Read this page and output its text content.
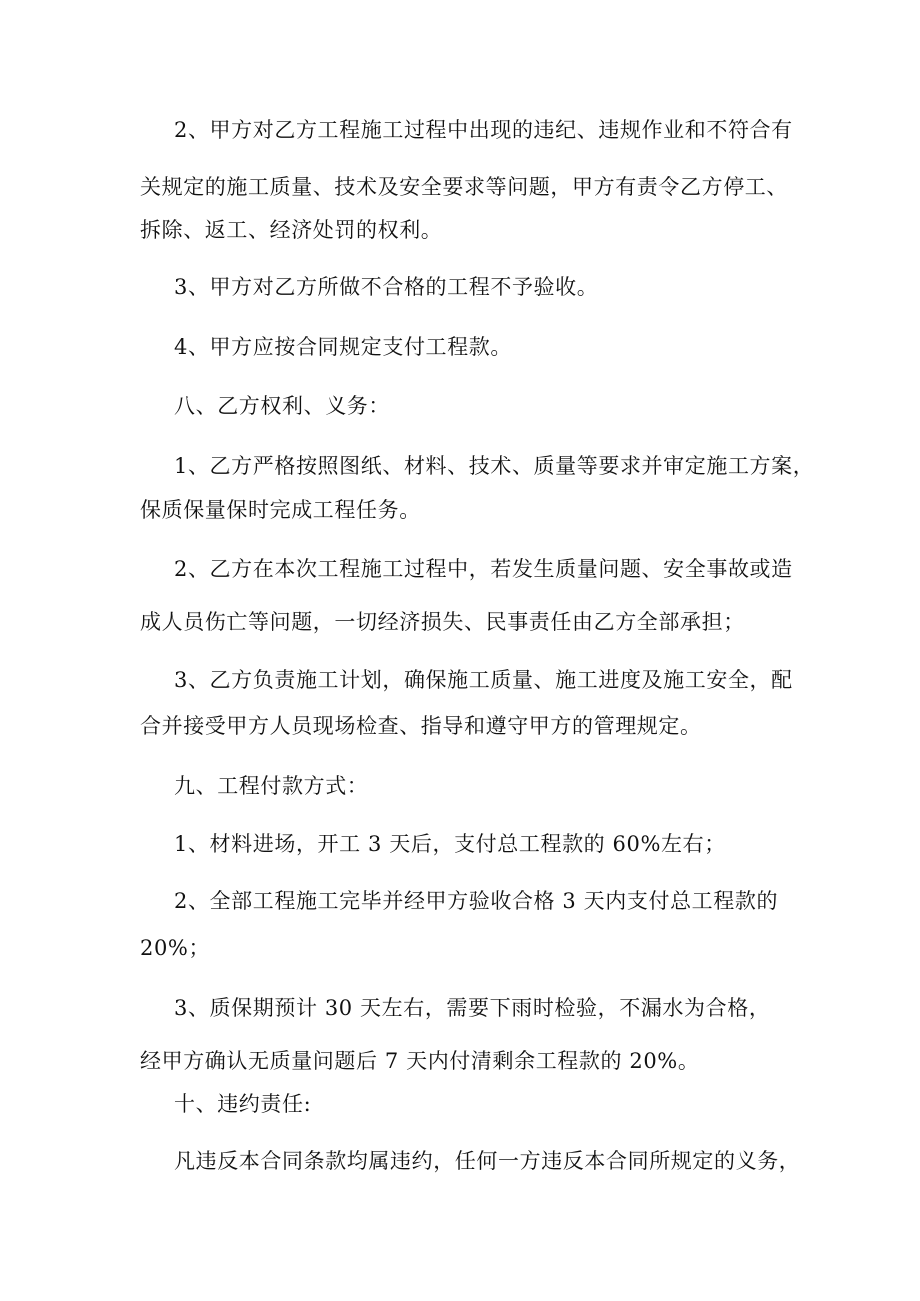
2、甲方对乙方工程施工过程中出现的违纪、违规作业和不符合有
关规定的施工质量、技术及安全要求等问题，甲方有责令乙方停工、
拆除、返工、经济处罚的权利。
3、甲方对乙方所做不合格的工程不予验收。
4、甲方应按合同规定支付工程款。
八、乙方权利、义务：
1、乙方严格按照图纸、材料、技术、质量等要求并审定施工方案，
保质保量保时完成工程任务。
2、乙方在本次工程施工过程中，若发生质量问题、安全事故或造
成人员伤亡等问题，一切经济损失、民事责任由乙方全部承担；
3、乙方负责施工计划，确保施工质量、施工进度及施工安全，配
合并接受甲方人员现场检查、指导和遵守甲方的管理规定。
九、工程付款方式：
1、材料进场，开工 3 天后，支付总工程款的 60%左右；
2、全部工程施工完毕并经甲方验收合格 3 天内支付总工程款的
20%；
3、质保期预计 30 天左右，需要下雨时检验，不漏水为合格，
经甲方确认无质量问题后 7 天内付清剩余工程款的 20%。
十、违约责任:
凡违反本合同条款均属违约，任何一方违反本合同所规定的义务，
